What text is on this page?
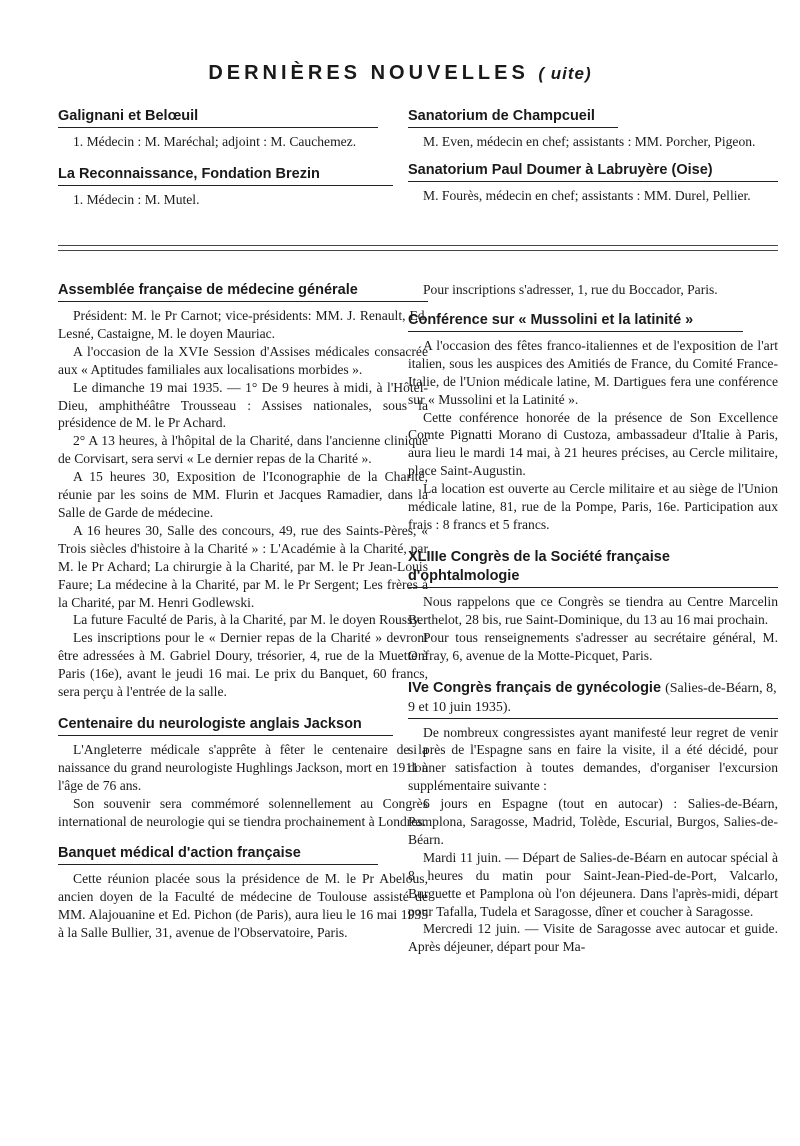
DERNIÈRES NOUVELLES ( uite)
Galignani et Belœuil

1. Médecin : M. Maréchal; adjoint : M. Cauchemez.

La Reconnaissance, Fondation Brezin

1. Médecin : M. Mutel.

Sanatorium de Champcueil

M. Even, médecin en chef; assistants : MM. Porcher, Pigeon.

Sanatorium Paul Doumer à Labruyère (Oise)

M. Fourès, médecin en chef; assistants : MM. Durel, Pellier.

Assemblée française de médecine générale

Président: M. le Pr Carnot; vice-présidents: MM. J. Renault, Ed. Lesné, Castaigne, M. le doyen Mauriac.

A l'occasion de la XVIe Session d'Assises médicales consacrée aux « Aptitudes familiales aux localisations morbides ».

Le dimanche 19 mai 1935. — 1° De 9 heures à midi, à l'Hôtel-Dieu, amphithéâtre Trousseau : Assises nationales, sous la présidence de M. le Pr Achard.

2° A 13 heures, à l'hôpital de la Charité, dans l'ancienne clinique de Corvisart, sera servi « Le dernier repas de la Charité ».

A 15 heures 30, Exposition de l'Iconographie de la Charité, réunie par les soins de MM. Flurin et Jacques Ramadier, dans la Salle de Garde de médecine.

A 16 heures 30, Salle des concours, 49, rue des Saints-Pères, « Trois siècles d'histoire à la Charité » : L'Académie à la Charité, par M. le Pr Achard; La chirurgie à la Charité, par M. le Pr Jean-Louis Faure; La médecine à la Charité, par M. le Pr Sergent; Les frères à la Charité, par M. Henri Godlewski.

La future Faculté de Paris, à la Charité, par M. le doyen Roussy.

Les inscriptions pour le « Dernier repas de la Charité » devront être adressées à M. Gabriel Doury, trésorier, 4, rue de la Muette à Paris (16e), avant le jeudi 16 mai. Le prix du Banquet, 60 francs, sera perçu à l'entrée de la salle.

Centenaire du neurologiste anglais Jackson

L'Angleterre médicale s'apprête à fêter le centenaire de la naissance du grand neurologiste Hughlings Jackson, mort en 1911 à l'âge de 76 ans.

Son souvenir sera commémoré solennellement au Congrès international de neurologie qui se tiendra prochainement à Londres.

Banquet médical d'action française

Cette réunion placée sous la présidence de M. le Pr Abelous, ancien doyen de la Faculté de médecine de Toulouse assisté de MM. Alajouanine et Ed. Pichon (de Paris), aura lieu le 16 mai 1935 à la Salle Bullier, 31, avenue de l'Observatoire, Paris.

Pour inscriptions s'adresser, 1, rue du Boccador, Paris.

Conférence sur « Mussolini et la latinité »

A l'occasion des fêtes franco-italiennes et de l'exposition de l'art italien, sous les auspices des Amitiés de France, du Comité France-Italie, de l'Union médicale latine, M. Dartigues fera une conférence sur « Mussolini et la Latinité ».

Cette conférence honorée de la présence de Son Excellence Comte Pignatti Morano di Custoza, ambassadeur d'Italie à Paris, aura lieu le mardi 14 mai, à 21 heures précises, au Cercle militaire, place Saint-Augustin.

La location est ouverte au Cercle militaire et au siège de l'Union médicale latine, 81, rue de la Pompe, Paris, 16e. Participation aux frais : 8 francs et 5 francs.

XLIIIe Congrès de la Société française d'ophtalmologie

Nous rappelons que ce Congrès se tiendra au Centre Marcelin Berthelot, 28 bis, rue Saint-Dominique, du 13 au 16 mai prochain.

Pour tous renseignements s'adresser au secrétaire général, M. Onfray, 6, avenue de la Motte-Picquet, Paris.

IVe Congrès français de gynécologie (Salies-de-Béarn, 8, 9 et 10 juin 1935).

De nombreux congressistes ayant manifesté leur regret de venir si près de l'Espagne sans en faire la visite, il a été décidé, pour donner satisfaction à toutes demandes, d'organiser l'excursion supplémentaire suivante :

6 jours en Espagne (tout en autocar) : Salies-de-Béarn, Pamplona, Saragosse, Madrid, Tolède, Escurial, Burgos, Salies-de-Béarn.

Mardi 11 juin. — Départ de Salies-de-Béarn en autocar spécial à 8 heures du matin pour Saint-Jean-Pied-de-Port, Valcarlo, Burguette et Pamplona où l'on déjeunera. Dans l'après-midi, départ pour Tafalla, Tudela et Saragosse, dîner et coucher à Saragosse.

Mercredi 12 juin. — Visite de Saragosse avec autocar et guide. Après déjeuner, départ pour Ma-
